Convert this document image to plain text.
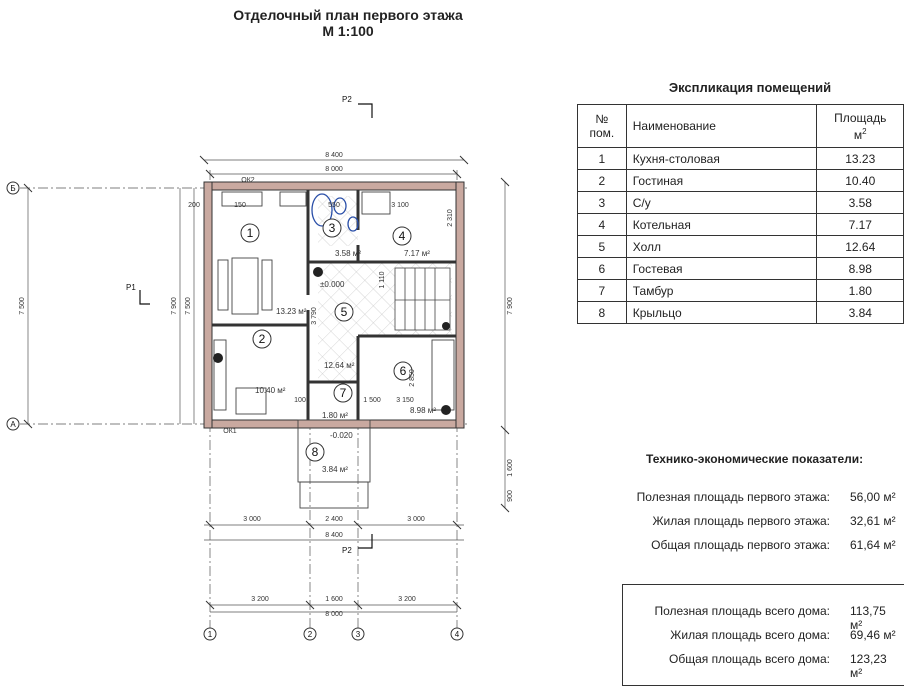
Отделочный план первого этажа
М 1:100
Экспликация помещений
№
пом.	Наименование	Площадь
$м^2$
1	Кухня-столовая	13.23
2	Гостиная	10.40
3	С/у	3.58
4	Котельная	7.17
5	Холл	12.64
6	Гостевая	8.98
7	Тамбур	1.80
8	Крыльцо	3.84
Технико-экономические показатели:
Полезная площадь первого этажа: 56,00 м²
Жилая площадь первого этажа: 32,61 м²
Общая площадь первого этажа: 61,64 м²
Полезная площадь всего дома: 113,75 м²
Жилая площадь всего дома: 69,46 м²
Общая площадь всего дома: 123,23 м²
1
2
3
4
5
6
7
8
13.23 м²
10.40 м²
3.58 м²	7.17 м²
12.64 м²
8.98 м²
1.80 м²
3.84 м²
±0.000
-0.020
8 400
8 000
3 000	2 400	3 000
8 400
3 200	1 600	3 200
8 000
150	550	3 100
200
1 500 3 150
100
ОК1
ОК2
7 500	7 900 7 500	7 900
1 600
900
2 310
1 110
3 790
2 850
Б
А
1	2	3	4
Р2
Р2
Р1
